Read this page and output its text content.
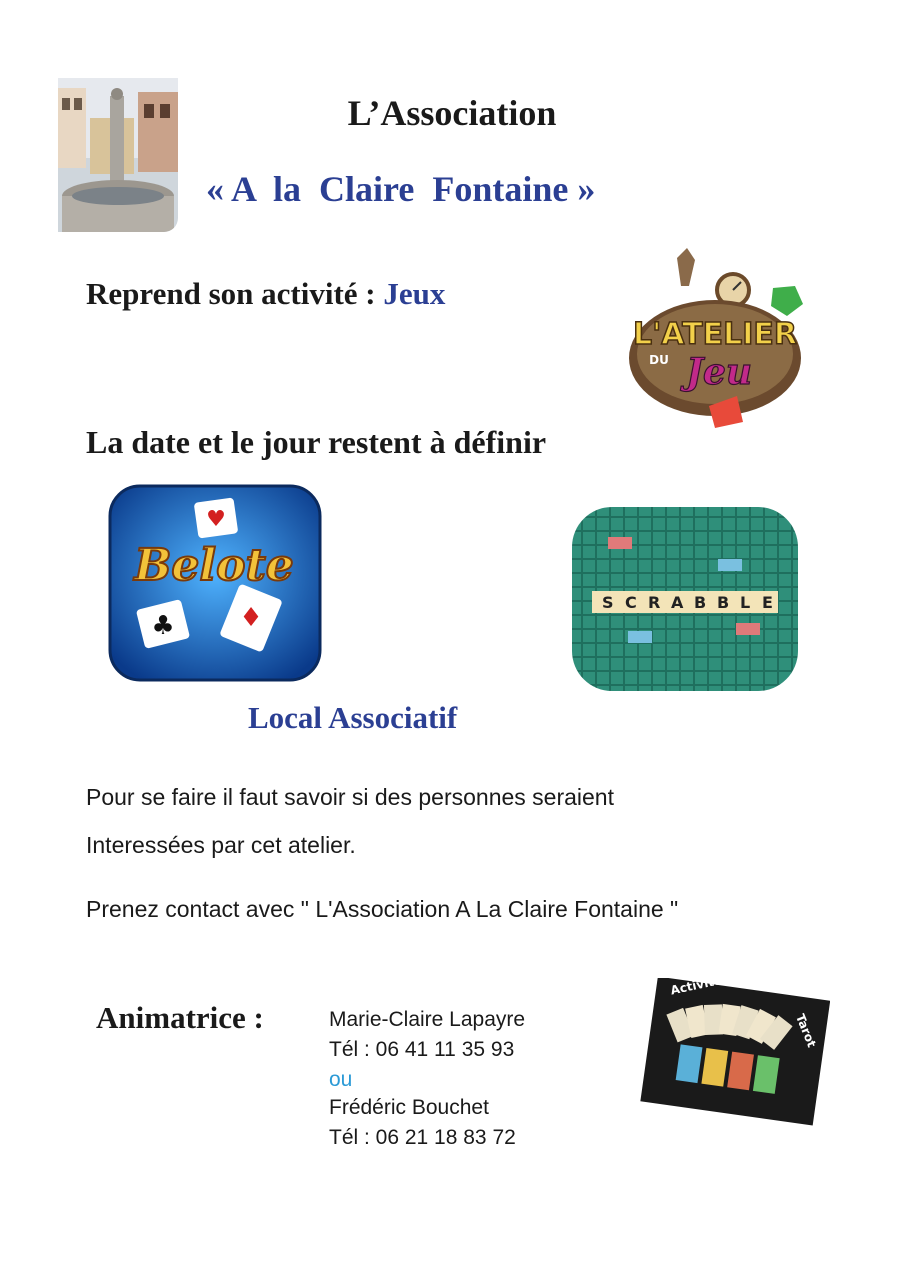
L’Association
« A  la  Claire  Fontaine »
Reprend son activité : Jeux
L'ATELIER
DU Jeu
La date et le jour restent à définir
♥
♣ ♦
Belote
S C R A B B L E
Local Associatif
Pour se faire il faut savoir si des personnes seraient
Interessées par cet atelier.
Prenez contact avec " L'Association A La Claire Fontaine "
Animatrice :	Marie-Claire Lapayre
Tél : 06 41 11 35 93
ou
Frédéric Bouchet
Tél : 06 21 18 83 72
Activité
Tarot
